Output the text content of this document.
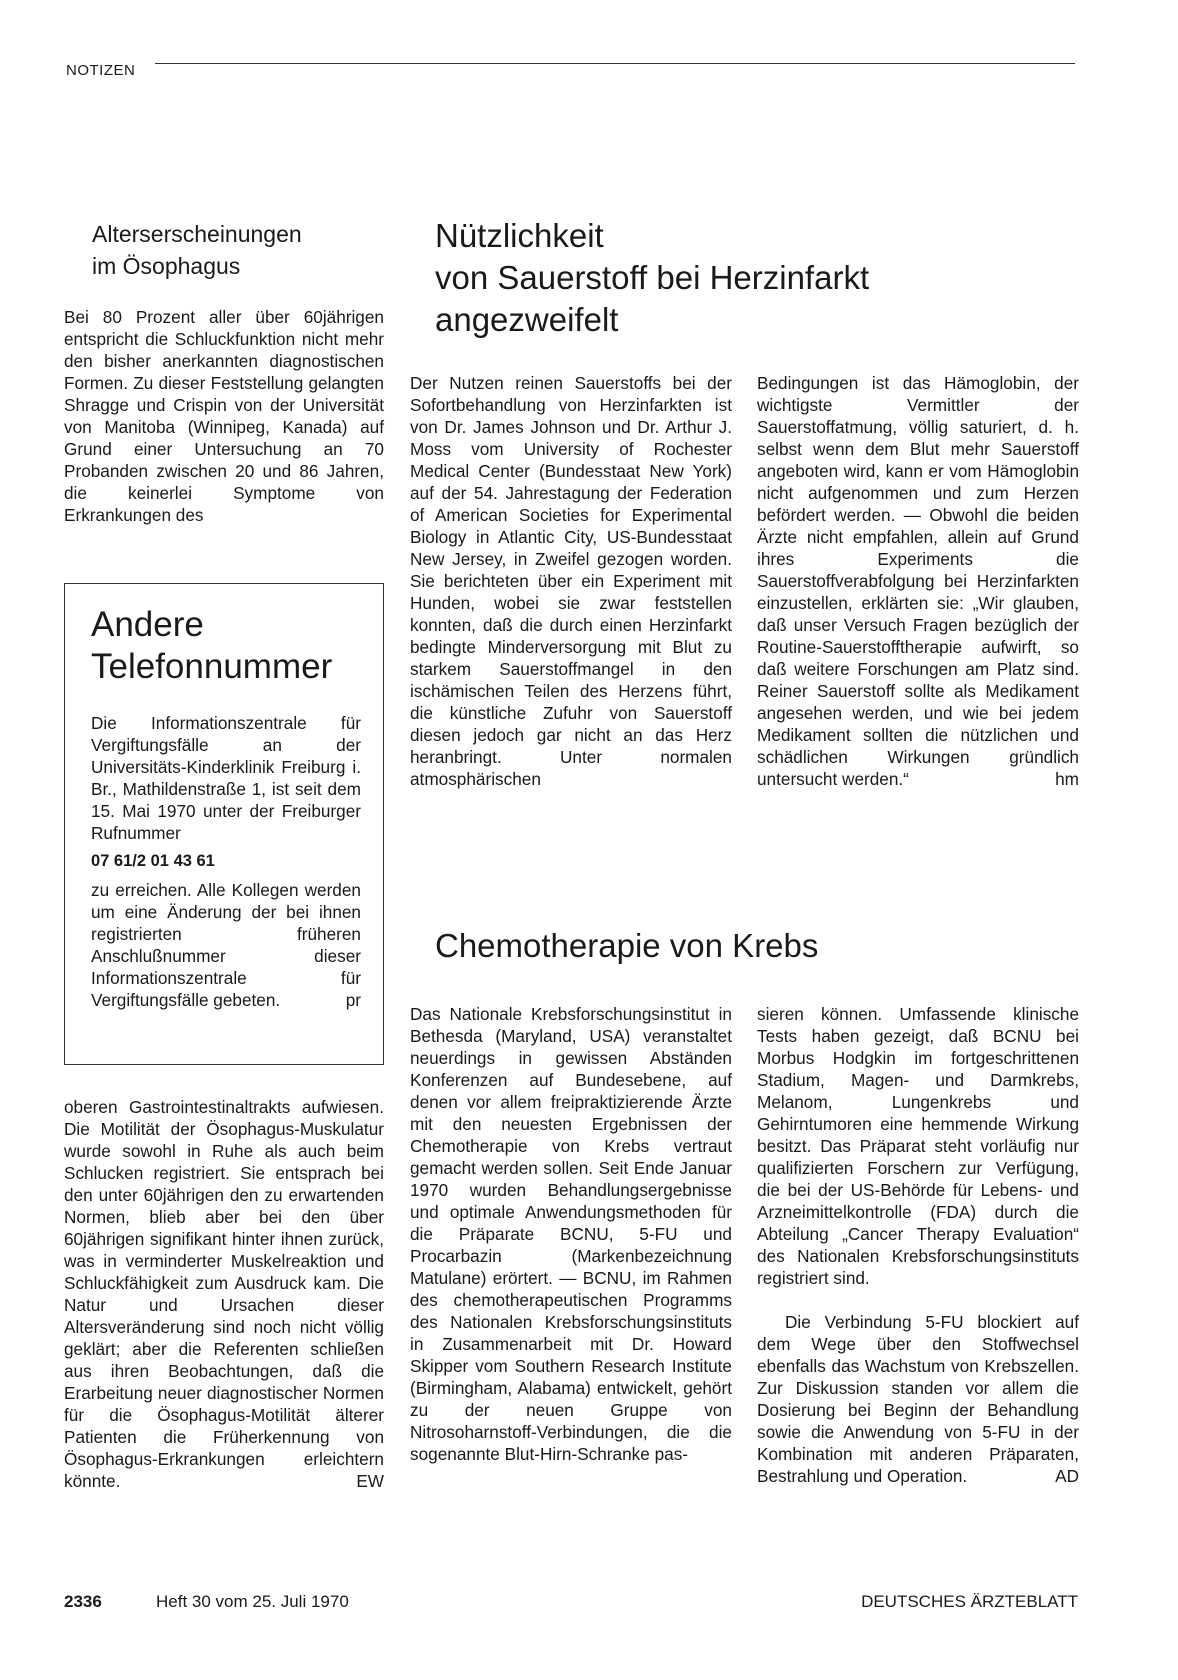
NOTIZEN
Alterserscheinungen
im Ösophagus
Bei 80 Prozent aller über 60jährigen entspricht die Schluckfunktion nicht mehr den bisher anerkannten diagnostischen Formen. Zu dieser Feststellung gelangten Shragge und Crispin von der Universität von Manitoba (Winnipeg, Kanada) auf Grund einer Untersuchung an 70 Probanden zwischen 20 und 86 Jahren, die keinerlei Symptome von Erkrankungen des
Andere
Telefonnummer
Die Informationszentrale für Vergiftungsfälle an der Universitäts-Kinderklinik Freiburg i. Br., Mathildenstraße 1, ist seit dem 15. Mai 1970 unter der Freiburger Rufnummer
07 61/2 01 43 61
zu erreichen. Alle Kollegen werden um eine Änderung der bei ihnen registrierten früheren Anschlußnummer dieser Informationszentrale für Vergiftungsfälle gebeten.	pr
oberen Gastrointestinaltrakts aufwiesen. Die Motilität der Ösophagus-Muskulatur wurde sowohl in Ruhe als auch beim Schlucken registriert. Sie entsprach bei den unter 60jährigen den zu erwartenden Normen, blieb aber bei den über 60jährigen signifikant hinter ihnen zurück, was in verminderter Muskelreaktion und Schluckfähigkeit zum Ausdruck kam. Die Natur und Ursachen dieser Altersveränderung sind noch nicht völlig geklärt; aber die Referenten schließen aus ihren Beobachtungen, daß die Erarbeitung neuer diagnostischer Normen für die Ösophagus-Motilität älterer Patienten die Früherkennung von Ösophagus-Erkrankungen erleichtern könnte.	EW
Nützlichkeit
von Sauerstoff bei Herzinfarkt
angezweifelt
Der Nutzen reinen Sauerstoffs bei der Sofortbehandlung von Herzinfarkten ist von Dr. James Johnson und Dr. Arthur J. Moss vom University of Rochester Medical Center (Bundesstaat New York) auf der 54. Jahrestagung der Federation of American Societies for Experimental Biology in Atlantic City, US-Bundesstaat New Jersey, in Zweifel gezogen worden. Sie berichteten über ein Experiment mit Hunden, wobei sie zwar feststellen konnten, daß die durch einen Herzinfarkt bedingte Minderversorgung mit Blut zu starkem Sauerstoffmangel in den ischämischen Teilen des Herzens führt, die künstliche Zufuhr von Sauerstoff diesen jedoch gar nicht an das Herz heranbringt. Unter normalen atmosphärischen
Bedingungen ist das Hämoglobin, der wichtigste Vermittler der Sauerstoffatmung, völlig saturiert, d. h. selbst wenn dem Blut mehr Sauerstoff angeboten wird, kann er vom Hämoglobin nicht aufgenommen und zum Herzen befördert werden. — Obwohl die beiden Ärzte nicht empfahlen, allein auf Grund ihres Experiments die Sauerstoffverabfolgung bei Herzinfarkten einzustellen, erklärten sie: „Wir glauben, daß unser Versuch Fragen bezüglich der Routine-Sauerstofftherapie aufwirft, so daß weitere Forschungen am Platz sind. Reiner Sauerstoff sollte als Medikament angesehen werden, und wie bei jedem Medikament sollten die nützlichen und schädlichen Wirkungen gründlich untersucht werden.“	hm
Chemotherapie von Krebs
Das Nationale Krebsforschungsinstitut in Bethesda (Maryland, USA) veranstaltet neuerdings in gewissen Abständen Konferenzen auf Bundesebene, auf denen vor allem freipraktizierende Ärzte mit den neuesten Ergebnissen der Chemotherapie von Krebs vertraut gemacht werden sollen. Seit Ende Januar 1970 wurden Behandlungsergebnisse und optimale Anwendungsmethoden für die Präparate BCNU, 5-FU und Procarbazin (Markenbezeichnung Matulane) erörtert. — BCNU, im Rahmen des chemotherapeutischen Programms des Nationalen Krebsforschungsinstituts in Zusammenarbeit mit Dr. Howard Skipper vom Southern Research Institute (Birmingham, Alabama) entwickelt, gehört zu der neuen Gruppe von Nitrosoharnstoff-Verbindungen, die die sogenannte Blut-Hirn-Schranke pas-

sieren können. Umfassende klinische Tests haben gezeigt, daß BCNU bei Morbus Hodgkin im fortgeschrittenen Stadium, Magen- und Darmkrebs, Melanom, Lungenkrebs und Gehirntumoren eine hemmende Wirkung besitzt. Das Präparat steht vorläufig nur qualifizierten Forschern zur Verfügung, die bei der US-Behörde für Lebens- und Arzneimittelkontrolle (FDA) durch die Abteilung „Cancer Therapy Evaluation“ des Nationalen Krebsforschungsinstituts registriert sind.

Die Verbindung 5-FU blockiert auf dem Wege über den Stoffwechsel ebenfalls das Wachstum von Krebszellen. Zur Diskussion standen vor allem die Dosierung bei Beginn der Behandlung sowie die Anwendung von 5-FU in der Kombination mit anderen Präparaten, Bestrahlung und Operation.	AD

2336	Heft 30 vom 25. Juli 1970	DEUTSCHES ÄRZTEBLATT
